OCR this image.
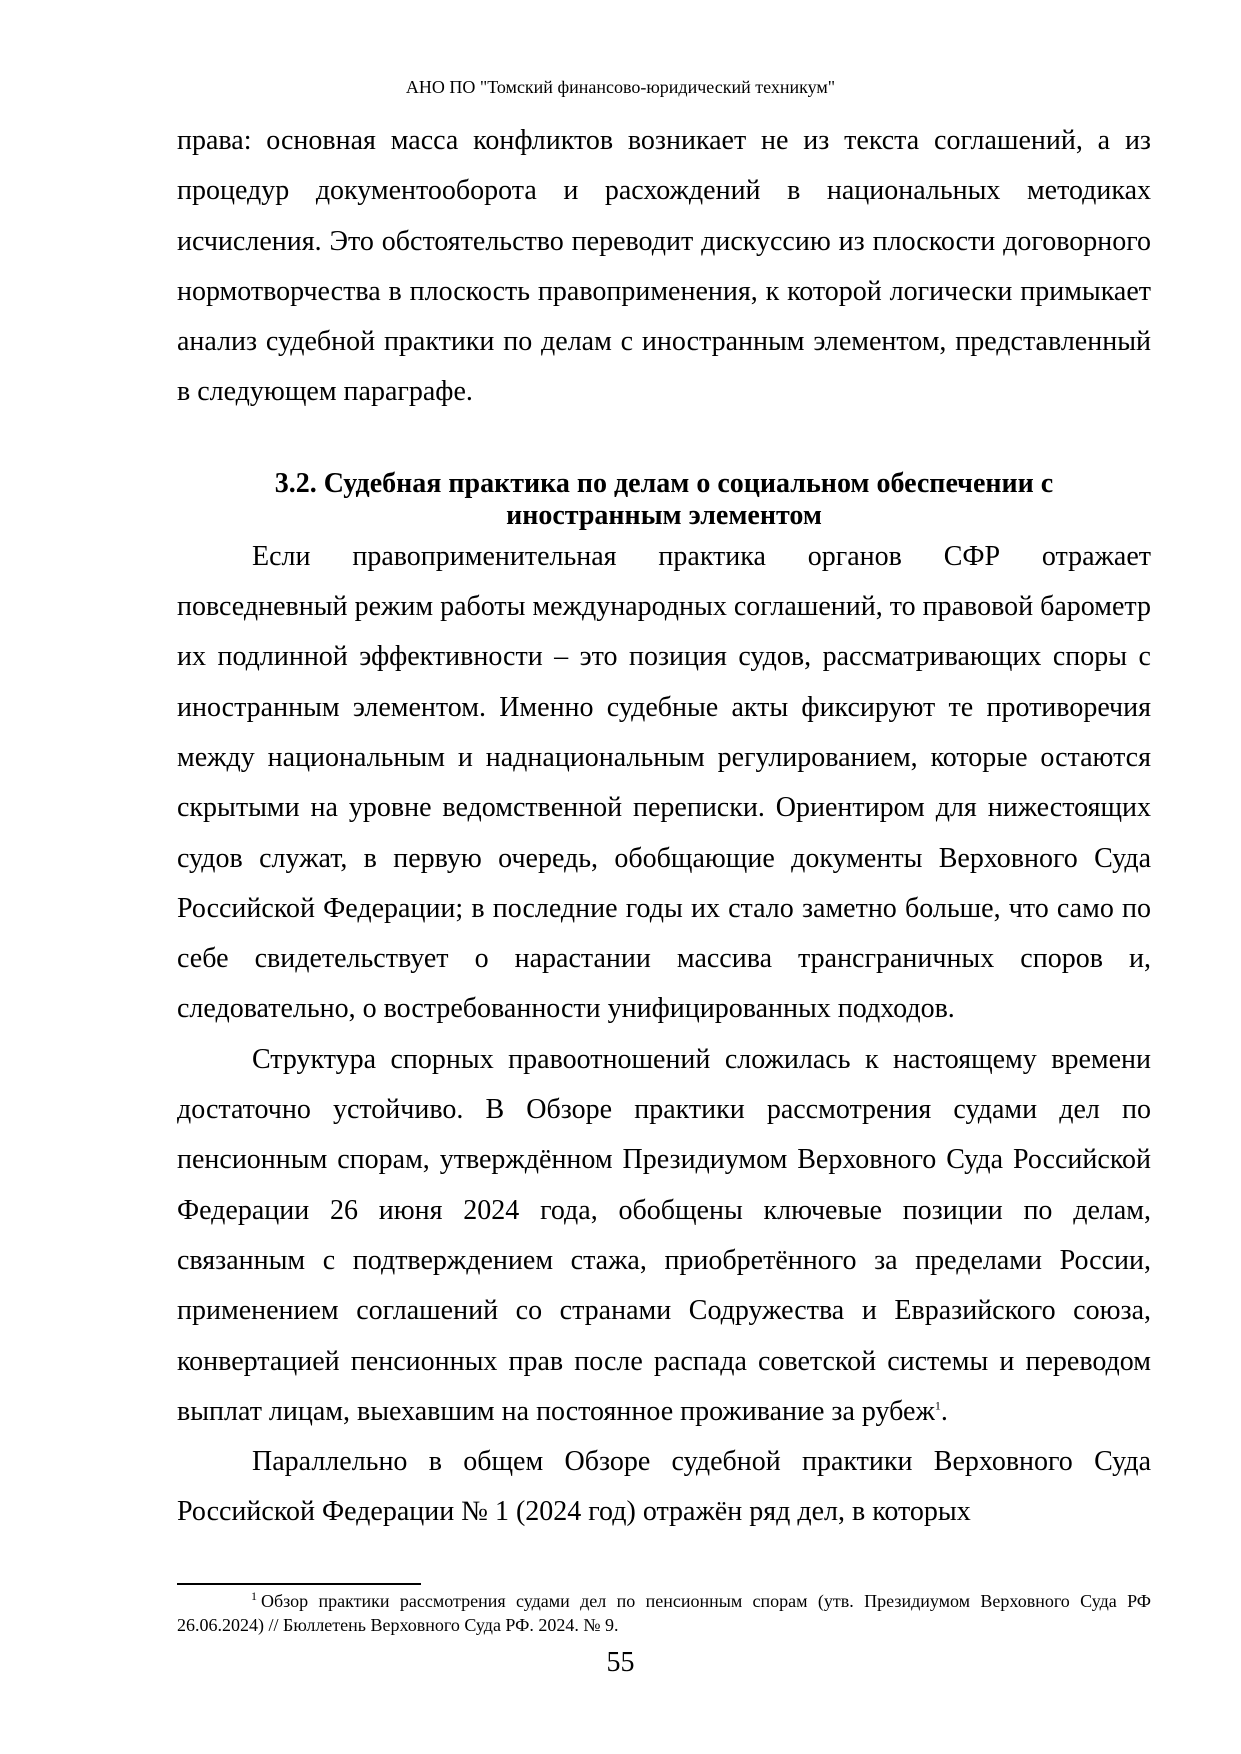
АНО ПО "Томский финансово-юридический техникум"

права: основная масса конфликтов возникает не из текста соглашений, а из процедур документооборота и расхождений в национальных методиках исчисления. Это обстоятельство переводит дискуссию из плоскости договорного нормотворчества в плоскость правоприменения, к которой логически примыкает анализ судебной практики по делам с иностранным элементом, представленный в следующем параграфе.

3.2. Судебная практика по делам о социальном обеспечении с иностранным элементом

Если правоприменительная практика органов СФР отражает повседневный режим работы международных соглашений, то правовой барометр их подлинной эффективности – это позиция судов, рассматривающих споры с иностранным элементом. Именно судебные акты фиксируют те противоречия между национальным и наднациональным регулированием, которые остаются скрытыми на уровне ведомственной переписки. Ориентиром для нижестоящих судов служат, в первую очередь, обобщающие документы Верховного Суда Российской Федерации; в последние годы их стало заметно больше, что само по себе свидетельствует о нарастании массива трансграничных споров и, следовательно, о востребованности унифицированных подходов.

Структура спорных правоотношений сложилась к настоящему времени достаточно устойчиво. В Обзоре практики рассмотрения судами дел по пенсионным спорам, утверждённом Президиумом Верховного Суда Российской Федерации 26 июня 2024 года, обобщены ключевые позиции по делам, связанным с подтверждением стажа, приобретённого за пределами России, применением соглашений со странами Содружества и Евразийского союза, конвертацией пенсионных прав после распада советской системы и переводом выплат лицам, выехавшим на постоянное проживание за рубеж$^1$.

Параллельно в общем Обзоре судебной практики Верховного Суда Российской Федерации № 1 (2024 год) отражён ряд дел, в которых

$^1$ Обзор практики рассмотрения судами дел по пенсионным спорам (утв. Президиумом Верховного Суда РФ 26.06.2024) // Бюллетень Верховного Суда РФ. 2024. № 9.

55
